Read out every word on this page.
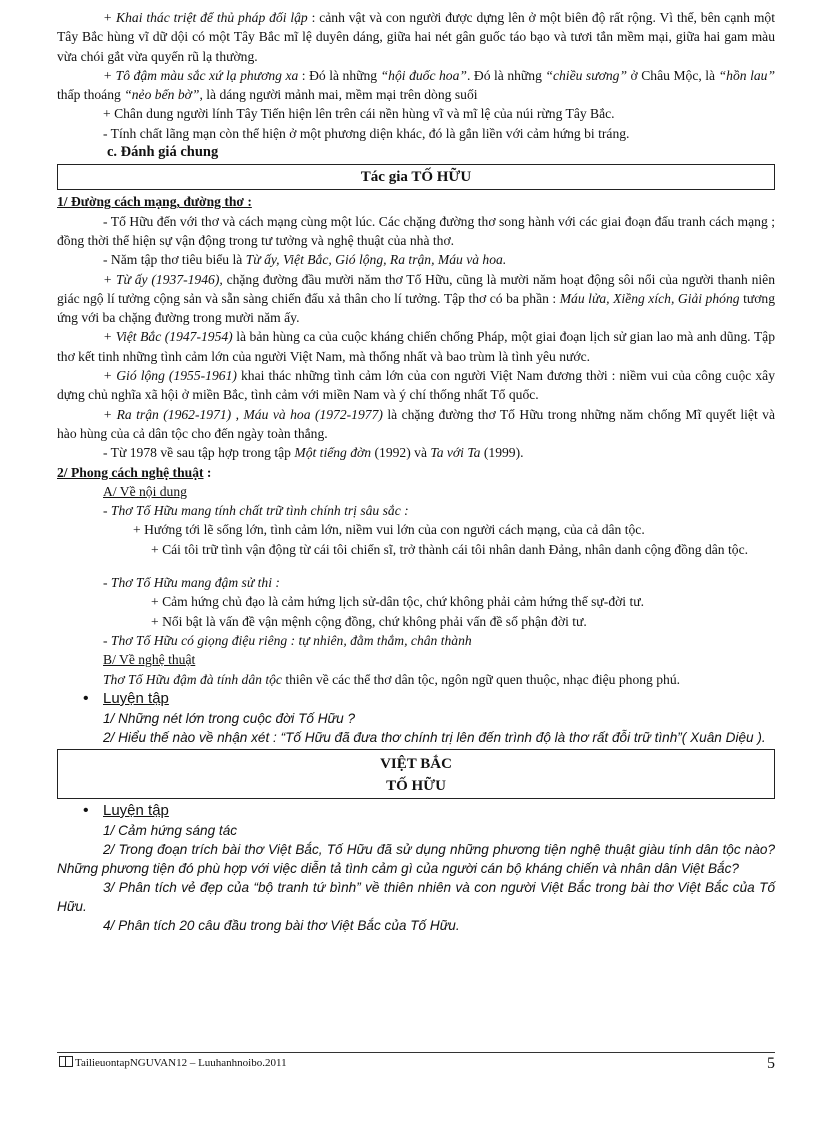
+ Khai thác triệt để thủ pháp đối lập : cảnh vật và con người được dựng lên ở một biên độ rất rộng. Vì thế, bên cạnh một Tây Bắc hùng vĩ dữ dội có một Tây Bắc mĩ lệ duyên dáng, giữa hai nét gân guốc táo bạo và tươi tắn mềm mại, giữa hai gam màu vừa chói gắt vừa quyến rũ lạ thường.

+ Tô đậm màu sắc xứ lạ phương xa : Đó là những “hội đuốc hoa”. Đó là những “chiều sương” ở Châu Mộc, là “hồn lau” thấp thoáng “nẻo bến bờ”, là dáng người mảnh mai, mềm mại trên dòng suối

+ Chân dung người lính Tây Tiến hiện lên trên cái nền hùng vĩ và mĩ lệ của núi rừng Tây Bắc.

- Tính chất lãng mạn còn thể hiện ở một phương diện khác, đó là gắn liền với cảm hứng bi tráng.

c. Đánh giá chung

Tác gia TỐ HỮU

1/ Đường cách mạng, đường thơ :

- Tố Hữu đến với thơ và cách mạng cùng một lúc. Các chặng đường thơ song hành với các giai đoạn đấu tranh cách mạng ; đồng thời thể hiện sự vận động trong tư tưởng và nghệ thuật của nhà thơ.

- Năm tập thơ tiêu biểu là Từ ấy, Việt Bắc, Gió lộng, Ra trận, Máu và hoa.

+ Từ ấy (1937-1946), chặng đường đầu mười năm thơ Tố Hữu, cũng là mười năm hoạt động sôi nổi của người thanh niên giác ngộ lí tưởng cộng sản và sẵn sàng chiến đấu xả thân cho lí tưởng. Tập thơ có ba phần : Máu lửa, Xiềng xích, Giải phóng tương ứng với ba chặng đường trong mười năm ấy.

+ Việt Bắc (1947-1954) là bản hùng ca của cuộc kháng chiến chống Pháp, một giai đoạn lịch sử gian lao mà anh dũng. Tập thơ kết tinh những tình cảm lớn của người Việt Nam, mà thống nhất và bao trùm là tình yêu nước.

+ Gió lộng (1955-1961) khai thác những tình cảm lớn của con người Việt Nam đương thời : niềm vui của công cuộc xây dựng chủ nghĩa xã hội ở miền Bắc, tình cảm với miền Nam và ý chí thống nhất Tổ quốc.

+ Ra trận (1962-1971) , Máu và hoa (1972-1977) là chặng đường thơ Tố Hữu trong những năm chống Mĩ quyết liệt và hào hùng của cả dân tộc cho đến ngày toàn thắng.

- Từ 1978 về sau tập hợp trong tập Một tiếng đờn (1992) và Ta với Ta (1999).

2/ Phong cách nghệ thuật :

A/ Về nội dung

- Thơ Tố Hữu mang tính chất trữ tình chính trị sâu sắc :

+ Hướng tới lẽ sống lớn, tình cảm lớn, niềm vui lớn của con người cách mạng, của cả dân tộc.

+ Cái tôi trữ tình vận động từ cái tôi chiến sĩ, trở thành cái tôi nhân danh Đảng, nhân danh cộng đồng dân tộc.

- Thơ Tố Hữu mang đậm sử thi :

+ Cảm hứng chủ đạo là cảm hứng lịch sử-dân tộc, chứ không phải cảm hứng thế sự-đời tư.

+ Nổi bật là vấn đề vận mệnh cộng đồng, chứ không phải vấn đề số phận đời tư.

- Thơ Tố Hữu có giọng điệu riêng : tự nhiên, đằm thắm, chân thành

B/ Về nghệ thuật

Thơ Tố Hữu đậm đà tính dân tộc thiên về các thể thơ dân tộc, ngôn ngữ quen thuộc, nhạc điệu phong phú.

• Luyện tập

1/ Những nét lớn trong cuộc đời Tố Hữu ?

2/ Hiểu thế nào về nhận xét : “Tố Hữu đã đưa thơ chính trị lên đến trình độ là thơ rất đỗi trữ tình”( Xuân Diệu ).

VIỆT BẮC
TỐ HỮU

• Luyện tập

1/ Cảm hứng sáng tác

2/ Trong đoạn trích bài thơ Việt Bắc, Tố Hữu đã sử dụng những phương tiện nghệ thuật giàu tính dân tộc nào? Những phương tiện đó phù hợp với việc diễn tả tình cảm gì của người cán bộ kháng chiến và nhân dân Việt Bắc?

3/ Phân tích vẻ đẹp của “bộ tranh tứ bình” về thiên nhiên và con người Việt Bắc trong bài thơ Việt Bắc của Tố Hữu.

4/ Phân tích 20 câu đầu trong bài thơ Việt Bắc của Tố Hữu.

TailieuontapNGUVAN12 – Luuhanhnoibo.2011	5
